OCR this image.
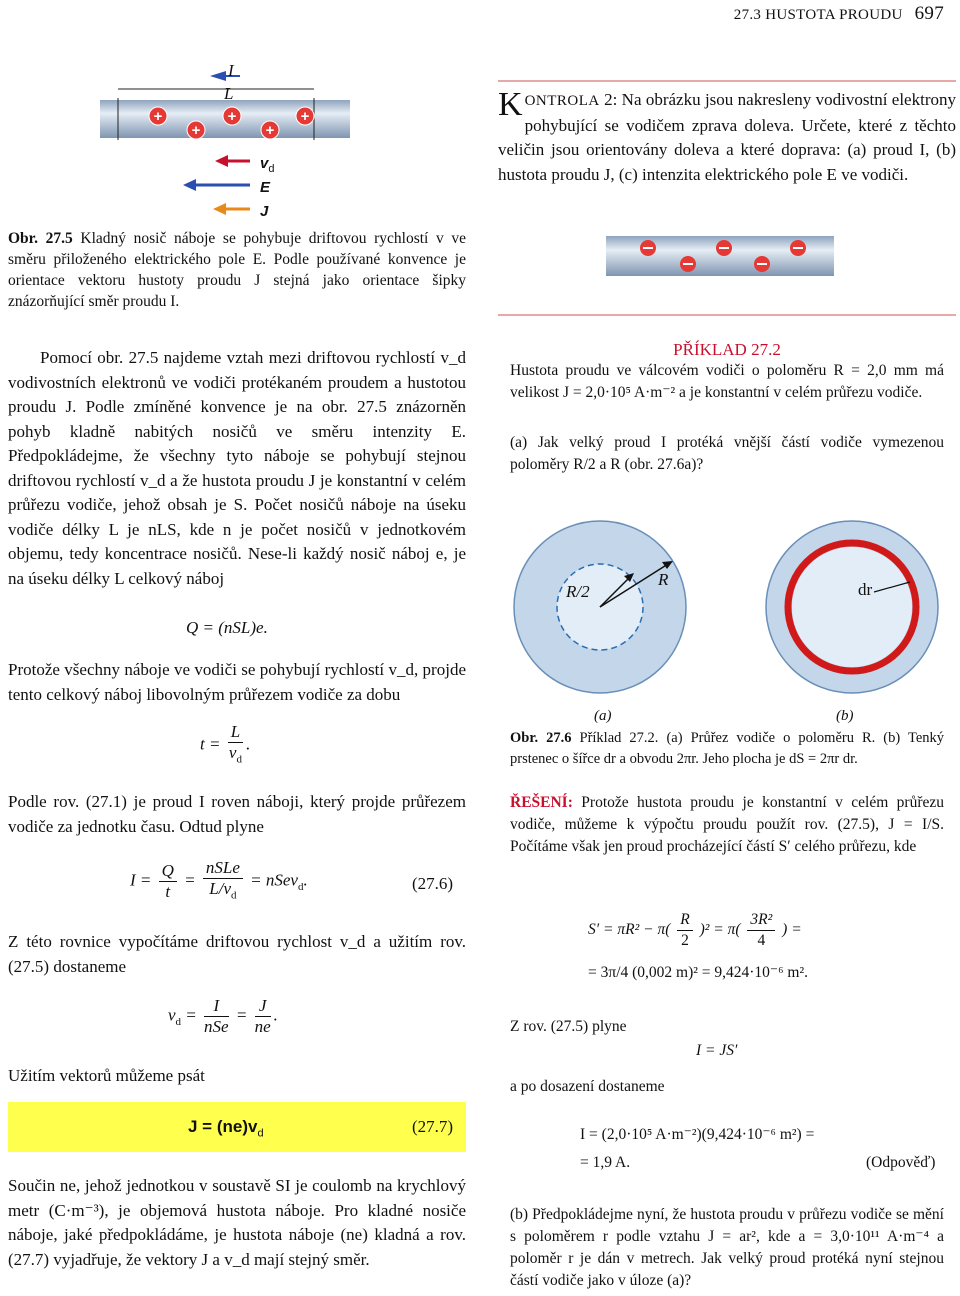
27.3 HUSTOTA PROUDU 697
+
+
+
+
+
I
L
$v_d$
E
J
Obr. 27.5 Kladný nosič náboje se pohybuje driftovou rychlostí v ve směru přiloženého elektrického pole E. Podle používané konvence je orientace vektoru hustoty proudu J stejná jako orientace šipky znázorňující směr proudu I.
Pomocí obr. 27.5 najdeme vztah mezi driftovou rychlostí v_d vodivostních elektronů ve vodiči protékaném proudem a hustotou proudu J. Podle zmíněné konvence je na obr. 27.5 znázorněn pohyb kladně nabitých nosičů ve směru intenzity E. Předpokládejme, že všechny tyto náboje se pohybují stejnou driftovou rychlostí v_d a že hustota proudu J je konstantní v celém průřezu vodiče, jehož obsah je S. Počet nosičů náboje na úseku vodiče délky L je nLS, kde n je počet nosičů v jednotkovém objemu, tedy koncentrace nosičů. Nese-li každý nosič náboj e, je na úseku délky L celkový náboj
Q = (nSL)e.
Protože všechny náboje ve vodiči se pohybují rychlostí v_d, projde tento celkový náboj libovolným průřezem vodiče za dobu
$t = \frac{L}{v_d}$ .
Podle rov. (27.1) je proud I roven náboji, který projde průřezem vodiče za jednotku času. Odtud plyne
$I = \frac{Q}{t} = \frac{\text{nSLe}}{L/v_d}$ = nSev$_d$.	(27.6)
Z této rovnice vypočítáme driftovou rychlost v_d a užitím rov. (27.5) dostaneme
$v_d = \frac{I}{\text{nSe}} = \frac{J}{ne}$ .
Užitím vektorů můžeme psát
$J = (ne)v_d$	(27.7)
Součin ne, jehož jednotkou v soustavě SI je coulomb na krychlový metr (C·m⁻³), je objemová hustota náboje. Pro kladné nosiče náboje, jaké předpokládáme, je hustota náboje (ne) kladná a rov. (27.7) vyjadřuje, že vektory J a v_d mají stejný směr.
KONTROLA 2: Na obrázku jsou nakresleny vodivostní elektrony pohybující se vodičem zprava doleva. Určete, které z těchto veličin jsou orientovány doleva a které doprava: (a) proud I, (b) hustota proudu J, (c) intenzita elektrického pole E ve vodiči.
PŘÍKLAD 27.2
Hustota proudu ve válcovém vodiči o poloměru R = 2,0 mm má velikost J = 2,0·10⁵ A·m⁻² a je konstantní v celém průřezu vodiče.
(a) Jak velký proud I protéká vnější částí vodiče vymezenou poloměry R/2 a R (obr. 27.6a)?
R/2
R
dr
(a)	(b)
Obr. 27.6 Příklad 27.2. (a) Průřez vodiče o poloměru R. (b) Tenký prstenec o šířce dr a obvodu 2πr. Jeho plocha je dS = 2πr dr.
ŘEŠENÍ: Protože hustota proudu je konstantní v celém průřezu vodiče, můžeme k výpočtu proudu použít rov. (27.5), J = I/S. Počítáme však jen proud procházející částí S′ celého průřezu, kde
$S' = \pi R^2 - \pi( \frac{R}{2} )^2 = \pi( \frac{\text{3R²}}{4}$ ) =
= 3π/4 (0,002 m)² = 9,424·10⁻⁶ m².
Z rov. (27.5) plyne
I = JS′
a po dosazení dostaneme
I = (2,0·10⁵ A·m⁻²)(9,424·10⁻⁶ m²) =
= 1,9 A.	(Odpověď)
(b) Předpokládejme nyní, že hustota proudu v průřezu vodiče se mění s poloměrem r podle vztahu J = ar², kde a = 3,0·10¹¹ A·m⁻⁴ a poloměr r je dán v metrech. Jak velký proud protéká nyní stejnou částí vodiče jako v úloze (a)?
